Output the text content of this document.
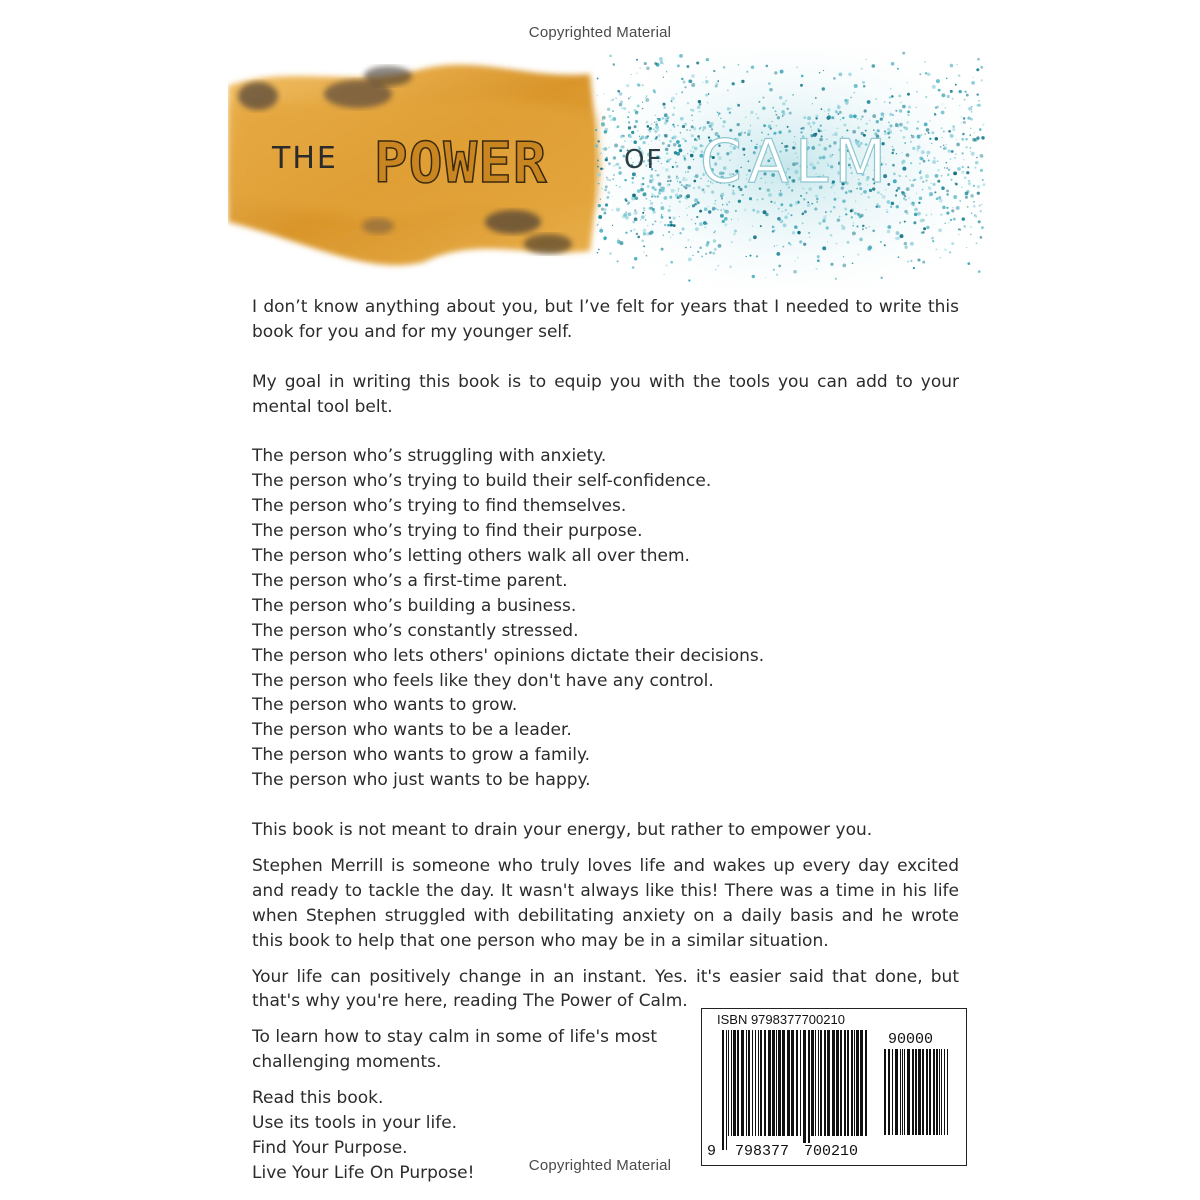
Copyrighted Material
THE POWER	OF CALM

I don’t know anything about you, but I’ve felt for years that I needed to write this book for you and for my younger self.

My goal in writing this book is to equip you with the tools you can add to your mental tool belt.

The person who’s struggling with anxiety.
The person who’s trying to build their self-confidence.
The person who’s trying to find themselves.
The person who’s trying to find their purpose.
The person who’s letting others walk all over them.
The person who’s a first-time parent.
The person who’s building a business.
The person who’s constantly stressed.
The person who lets others' opinions dictate their decisions.
The person who feels like they don't have any control.
The person who wants to grow.
The person who wants to be a leader.
The person who wants to grow a family.
The person who just wants to be happy.

This book is not meant to drain your energy, but rather to empower you.

Stephen Merrill is someone who truly loves life and wakes up every day excited and ready to tackle the day. It wasn't always like this! There was a time in his life when Stephen struggled with debilitating anxiety on a daily basis and he wrote this book to help that one person who may be in a similar situation.

Your life can positively change in an instant. Yes. it's easier said that done, but that's why you're here, reading The Power of Calm.

To learn how to stay calm in some of life's most challenging moments.

Read this book.
Use its tools in your life.
Find Your Purpose.
Live Your Life On Purpose!
ISBN 9798377700210
90000
9 798377 700210
Copyrighted Material
